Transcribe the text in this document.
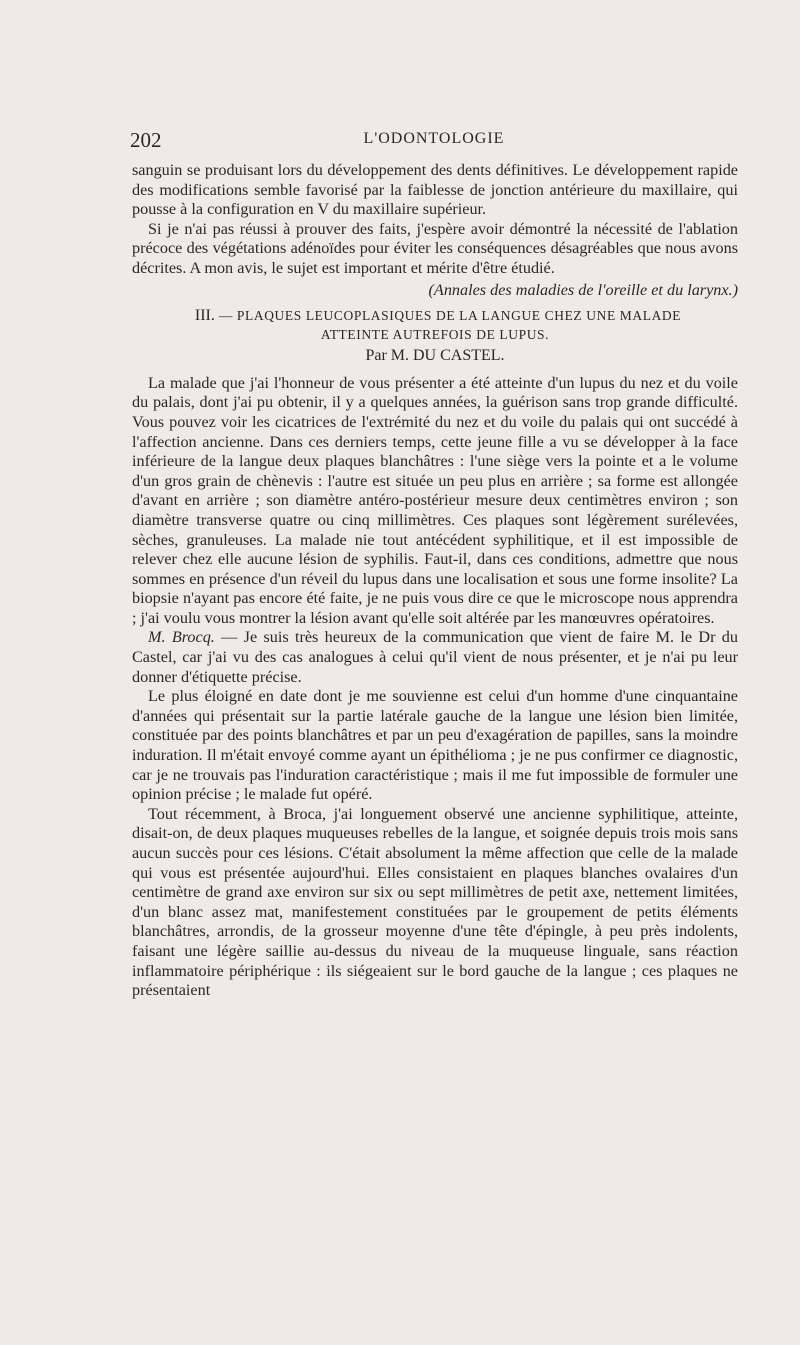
202	L'ODONTOLOGIE

sanguin se produisant lors du développement des dents définitives. Le développement rapide des modifications semble favorisé par la faiblesse de jonction antérieure du maxillaire, qui pousse à la configuration en V du maxillaire supérieur.

Si je n'ai pas réussi à prouver des faits, j'espère avoir démontré la nécessité de l'ablation précoce des végétations adénoïdes pour éviter les conséquences désagréables que nous avons décrites. A mon avis, le sujet est important et mérite d'être étudié.

(Annales des maladies de l'oreille et du larynx.)

III. — PLAQUES LEUCOPLASIQUES DE LA LANGUE CHEZ UNE MALADE
ATTEINTE AUTREFOIS DE LUPUS.

Par M. DU CASTEL.

La malade que j'ai l'honneur de vous présenter a été atteinte d'un lupus du nez et du voile du palais, dont j'ai pu obtenir, il y a quelques années, la guérison sans trop grande difficulté. Vous pouvez voir les cicatrices de l'extrémité du nez et du voile du palais qui ont succédé à l'affection ancienne. Dans ces derniers temps, cette jeune fille a vu se développer à la face inférieure de la langue deux plaques blanchâtres : l'une siège vers la pointe et a le volume d'un gros grain de chènevis : l'autre est située un peu plus en arrière ; sa forme est allongée d'avant en arrière ; son diamètre antéro-postérieur mesure deux centimètres environ ; son diamètre transverse quatre ou cinq millimètres. Ces plaques sont légèrement surélevées, sèches, granuleuses. La malade nie tout antécédent syphilitique, et il est impossible de relever chez elle aucune lésion de syphilis. Faut-il, dans ces conditions, admettre que nous sommes en présence d'un réveil du lupus dans une localisation et sous une forme insolite? La biopsie n'ayant pas encore été faite, je ne puis vous dire ce que le microscope nous apprendra ; j'ai voulu vous montrer la lésion avant qu'elle soit altérée par les manœuvres opératoires.

M. Brocq. — Je suis très heureux de la communication que vient de faire M. le Dr du Castel, car j'ai vu des cas analogues à celui qu'il vient de nous présenter, et je n'ai pu leur donner d'étiquette précise.

Le plus éloigné en date dont je me souvienne est celui d'un homme d'une cinquantaine d'années qui présentait sur la partie latérale gauche de la langue une lésion bien limitée, constituée par des points blanchâtres et par un peu d'exagération de papilles, sans la moindre induration. Il m'était envoyé comme ayant un épithélioma ; je ne pus confirmer ce diagnostic, car je ne trouvais pas l'induration caractéristique ; mais il me fut impossible de formuler une opinion précise ; le malade fut opéré.

Tout récemment, à Broca, j'ai longuement observé une ancienne syphilitique, atteinte, disait-on, de deux plaques muqueuses rebelles de la langue, et soignée depuis trois mois sans aucun succès pour ces lésions. C'était absolument la même affection que celle de la malade qui vous est présentée aujourd'hui. Elles consistaient en plaques blanches ovalaires d'un centimètre de grand axe environ sur six ou sept millimètres de petit axe, nettement limitées, d'un blanc assez mat, manifestement constituées par le groupement de petits éléments blanchâtres, arrondis, de la grosseur moyenne d'une tête d'épingle, à peu près indolents, faisant une légère saillie au-dessus du niveau de la muqueuse linguale, sans réaction inflammatoire périphérique : ils siégeaient sur le bord gauche de la langue ; ces plaques ne présentaient
